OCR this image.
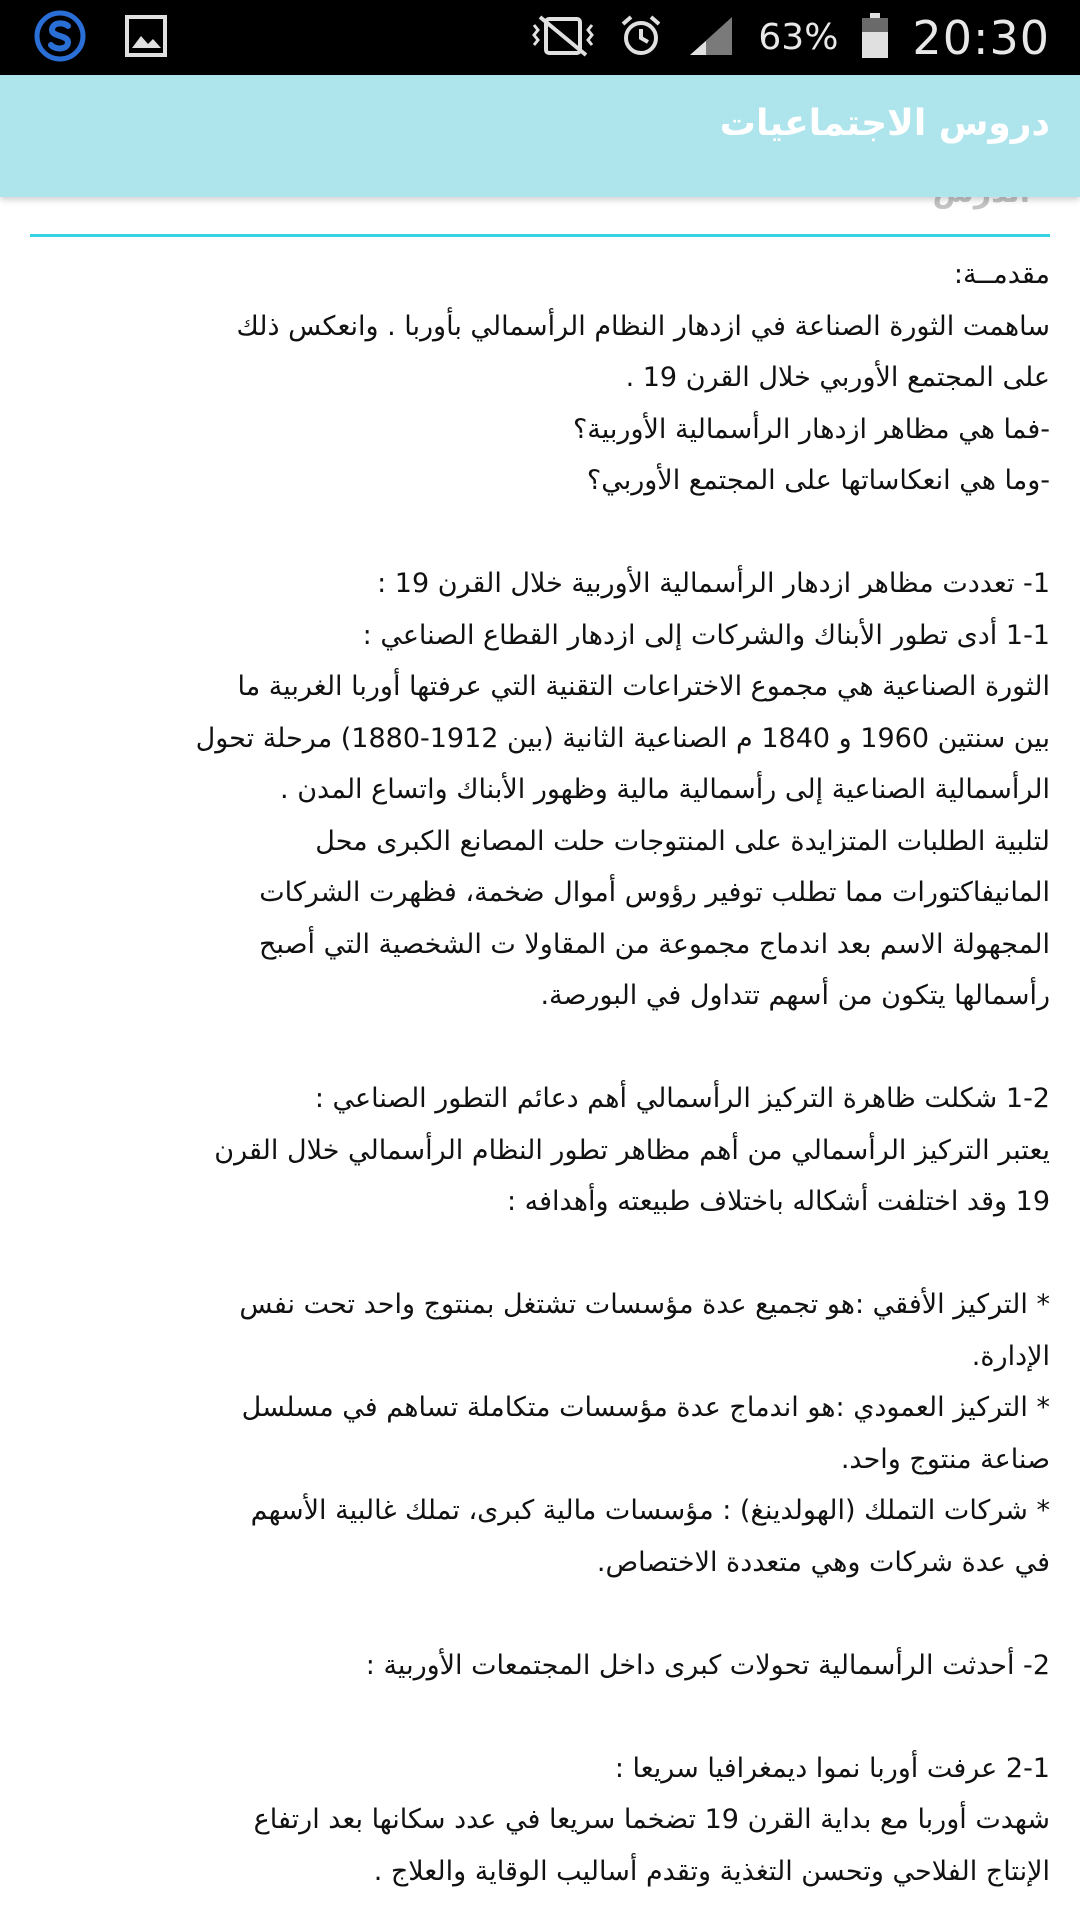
63% 20:30
دروس الاجتماعيات

مقدمــة:

ساهمت الثورة الصناعة في ازدهار النظام الرأسمالي بأوربا . وانعكس ذلك

على المجتمع الأوربي خلال القرن 19 .

-فما هي مظاهر ازدهار الرأسمالية الأوربية؟

-وما هي انعكاساتها على المجتمع الأوربي؟

1- تعددت مظاهر ازدهار الرأسمالية الأوربية خلال القرن 19 :

1-1 أدى تطور الأبناك والشركات إلى ازدهار القطاع الصناعي :

الثورة الصناعية هي مجموع الاختراعات التقنية التي عرفتها أوربا الغربية ما

بين سنتين 1960 و 1840 م الصناعية الثانية (بين 1912-1880) مرحلة تحول

الرأسمالية الصناعية إلى رأسمالية مالية وظهور الأبناك واتساع المدن .

لتلبية الطلبات المتزايدة على المنتوجات حلت المصانع الكبرى محل

المانيفاكتورات مما تطلب توفير رؤوس أموال ضخمة، فظهرت الشركات

المجهولة الاسم بعد اندماج مجموعة من المقاولا ت الشخصية التي أصبح

رأسمالها يتكون من أسهم تتداول في البورصة.

1-2 شكلت ظاهرة التركيز الرأسمالي أهم دعائم التطور الصناعي :

يعتبر التركيز الرأسمالي من أهم مظاهر تطور النظام الرأسمالي خلال القرن

19 وقد اختلفت أشكاله باختلاف طبيعته وأهدافه :

* التركيز الأفقي :هو تجميع عدة مؤسسات تشتغل بمنتوج واحد تحت نفس

الإدارة.

* التركيز العمودي :هو اندماج عدة مؤسسات متكاملة تساهم في مسلسل

صناعة منتوج واحد.

* شركات التملك (الهولدينغ) : مؤسسات مالية كبرى، تملك غالبية الأسهم

في عدة شركات وهي متعددة الاختصاص.

2- أحدثت الرأسمالية تحولات كبرى داخل المجتمعات الأوربية :

2-1 عرفت أوربا نموا ديمغرافيا سريعا :

شهدت أوربا مع بداية القرن 19 تضخما سريعا في عدد سكانها بعد ارتفاع

الإنتاج الفلاحي وتحسن التغذية وتقدم أساليب الوقاية والعلاج .
